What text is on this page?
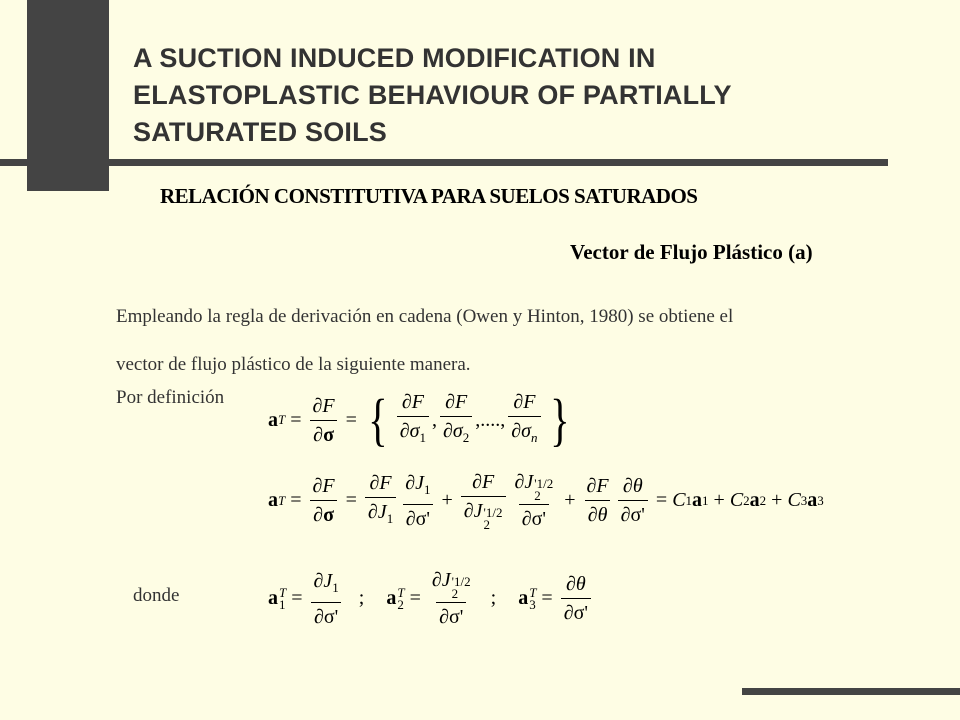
A SUCTION INDUCED MODIFICATION IN
ELASTOPLASTIC BEHAVIOUR OF PARTIALLY
SATURATED SOILS
RELACIÓN CONSTITUTIVA PARA SUELOS SATURADOS
Vector de Flujo Plástico (a)
Empleando la regla de derivación en cadena (Owen y Hinton, 1980) se obtiene el
vector de flujo plástico de la siguiente manera.
Por definición
donde
a $T = \frac{\partial F}{\partial\sigma}$ = { $\frac{\partial F}{\partial\sigma_1}$ , $\frac{\partial F}{\partial\sigma_2}$ ,...., $\frac{\partial F}{\partial\sigma_n}$ }
a $T = \frac{\partial F}{\partial\sigma} = \frac{\partial F}{\partial J_1} \frac{\partial J_1}{\partial\sigma'} + \partial F$
∂J '1/2
2 ∂J '1/2
2
$\partial\sigma' + \frac{\partial F}{\partial\theta} \frac{\partial\theta}{\partial\sigma'} = C$ 1 a 1 + C 2 a 2 + C 3 a 3
a T
$1 = \frac{\partial J_1}{\partial\sigma'}$ ; a T
2 = ∂J '1/2
2
∂σ' ; a T
$3 = \frac{\partial\theta}{\partial\sigma'}$
